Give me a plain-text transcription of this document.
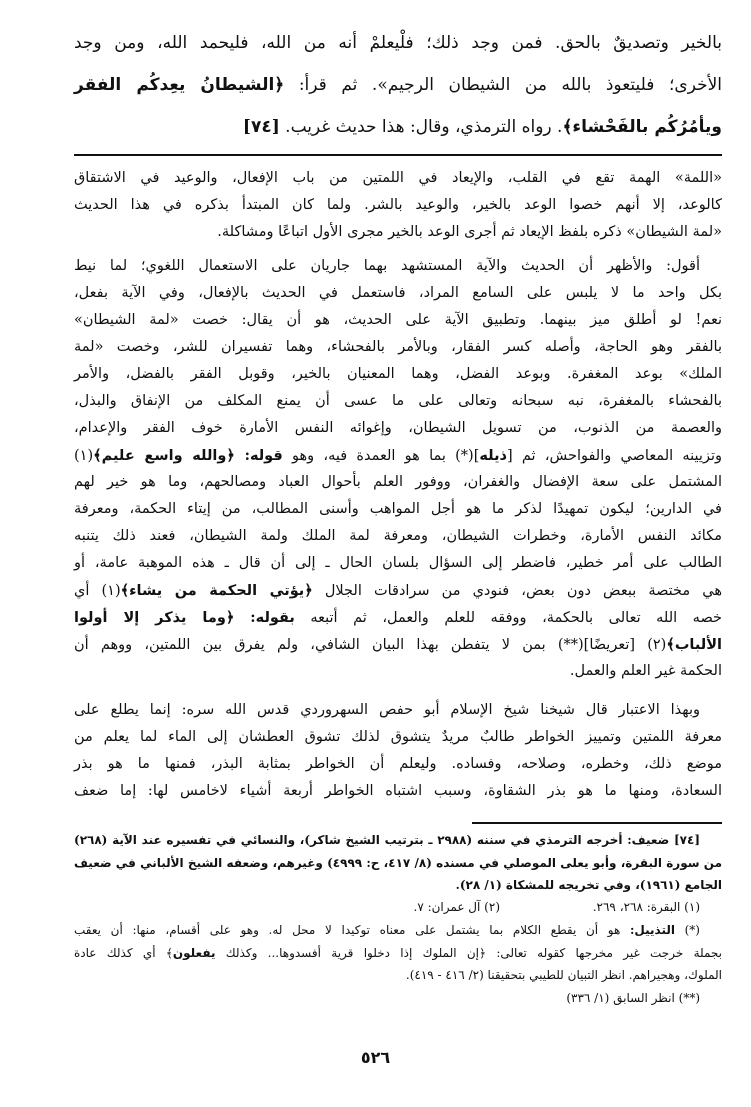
بالخير وتصديقٌ بالحق. فمن وجد ذلك؛ فلْيعلمْ أنه من الله، فليحمد الله، ومن وجد
الأخرى؛ فليتعوذ بالله من الشيطان الرجيم». ثم قرأ: ﴿الشيطانُ يعِدكُم الفقر
ويأمُرُكُم بالفَحْشاء﴾. رواه الترمذي، وقال: هذا حديث غريب. [٧٤]
«اللمة» الهمة تقع في القلب، والإيعاد في اللمتين من باب الإفعال، والوعيد في الاشتقاق
كالوعد، إلا أنهم خصوا الوعد بالخير، والوعيد بالشر. ولما كان المبتدأ بذكره في هذا الحديث
«لمة الشيطان» ذكره بلفظ الإيعاد ثم أجرى الوعد بالخير مجرى الأول اتباعًا ومشاكلة.
أقول: والأظهر أن الحديث والآية المستشهد بهما جاريان على الاستعمال اللغوي؛ لما نيط
بكل واحد ما لا يلبس على السامع المراد، فاستعمل في الحديث بالإفعال، وفي الآية بفعل،
نعم! لو أطلق ميز بينهما. وتطبيق الآية على الحديث، هو أن يقال: خصت «لمة الشيطان»
بالفقر وهو الحاجة، وأصله كسر الفقار، وبالأمر بالفحشاء، وهما تفسيران للشر، وخصت «لمة
الملك» بوعد المغفرة. وبوعد الفضل، وهما المعنيان بالخير، وقوبل الفقر بالفضل، والأمر
بالفحشاء بالمغفرة، نبه سبحانه وتعالى على ما عسى أن يمنع المكلف من الإنفاق والبذل،
والعصمة من الذنوب، من تسويل الشيطان، وإغوائه النفس الأمارة خوف الفقر والإعدام،
وتزيينه المعاصي والفواحش، ثم [ذيله](*) بما هو العمدة فيه، وهو قوله: ﴿والله واسع عليم﴾(١)
المشتمل على سعة الإفضال والغفران، ووفور العلم بأحوال العباد ومصالحهم، وما هو خير لهم
في الدارين؛ ليكون تمهيدًا لذكر ما هو أجل المواهب وأسنى المطالب، من إيتاء الحكمة، ومعرفة
مكائد النفس الأمارة، وخطرات الشيطان، ومعرفة لمة الملك ولمة الشيطان، فعند ذلك يتنبه
الطالب على أمر خطير، فاضطر إلى السؤال بلسان الحال ـ إلى أن قال ـ هذه الموهبة عامة، أو
هي مختصة ببعض دون بعض، فنودي من سرادقات الجلال ﴿يؤتي الحكمة من يشاء﴾(١) أي
خصه الله تعالى بالحكمة، ووفقه للعلم والعمل، ثم أتبعه بقوله: ﴿وما يذكر إلا أولوا
الألباب﴾(٢) [تعريضًا](**) بمن لا يتفطن بهذا البيان الشافي، ولم يفرق بين اللمتين، ووهم أن
الحكمة غير العلم والعمل.
وبهذا الاعتبار قال شيخنا شيخ الإسلام أبو حفص السهروردي قدس الله سره: إنما يطلع على
معرفة اللمتين وتمييز الخواطر طالبٌ مريدٌ يتشوق لذلك تشوق العطشان إلى الماء لما يعلم من
موضع ذلك، وخطره، وصلاحه، وفساده. وليعلم أن الخواطر بمثابة البذر، فمنها ما هو بذر
السعادة، ومنها ما هو بذر الشقاوة، وسبب اشتباه الخواطر أربعة أشياء لاخامس لها: إما ضعف
[٧٤] ضعيف: أخرجه الترمذي في سننه (٢٩٨٨ ـ بترتيب الشيخ شاكر)، والنسائي في تفسيره عند الآية (٢٦٨)
من سورة البقرة، وأبو يعلى الموصلي في مسنده (٨/ ٤١٧، ح: ٤٩٩٩) وغيرهم، وضعفه الشيخ الألباني في ضعيف
الجامع (١٩٦١)، وفي تخريجه للمشكاة (١/ ٢٨).
(١) البقرة: ٢٦٨، ٢٦٩.
(٢) آل عمران: ٧.
(*) التذييل: هو أن يقطع الكلام بما يشتمل على معناه توكيدا لا محل له. وهو على أقسام، منها: أن يعقب
بجملة خرجت غير مخرجها كقوله تعالى: ﴿إن الملوك إذا دخلوا قرية أفسدوها... وكذلك يفعلون﴾ أي كذلك عادة
الملوك، وهجيراهم. انظر التبيان للطيبي بتحقيقنا (٢/ ٤١٦ - ٤١٩).
(**) انظر السابق (١/ ٣٣٦)
٥٢٦
